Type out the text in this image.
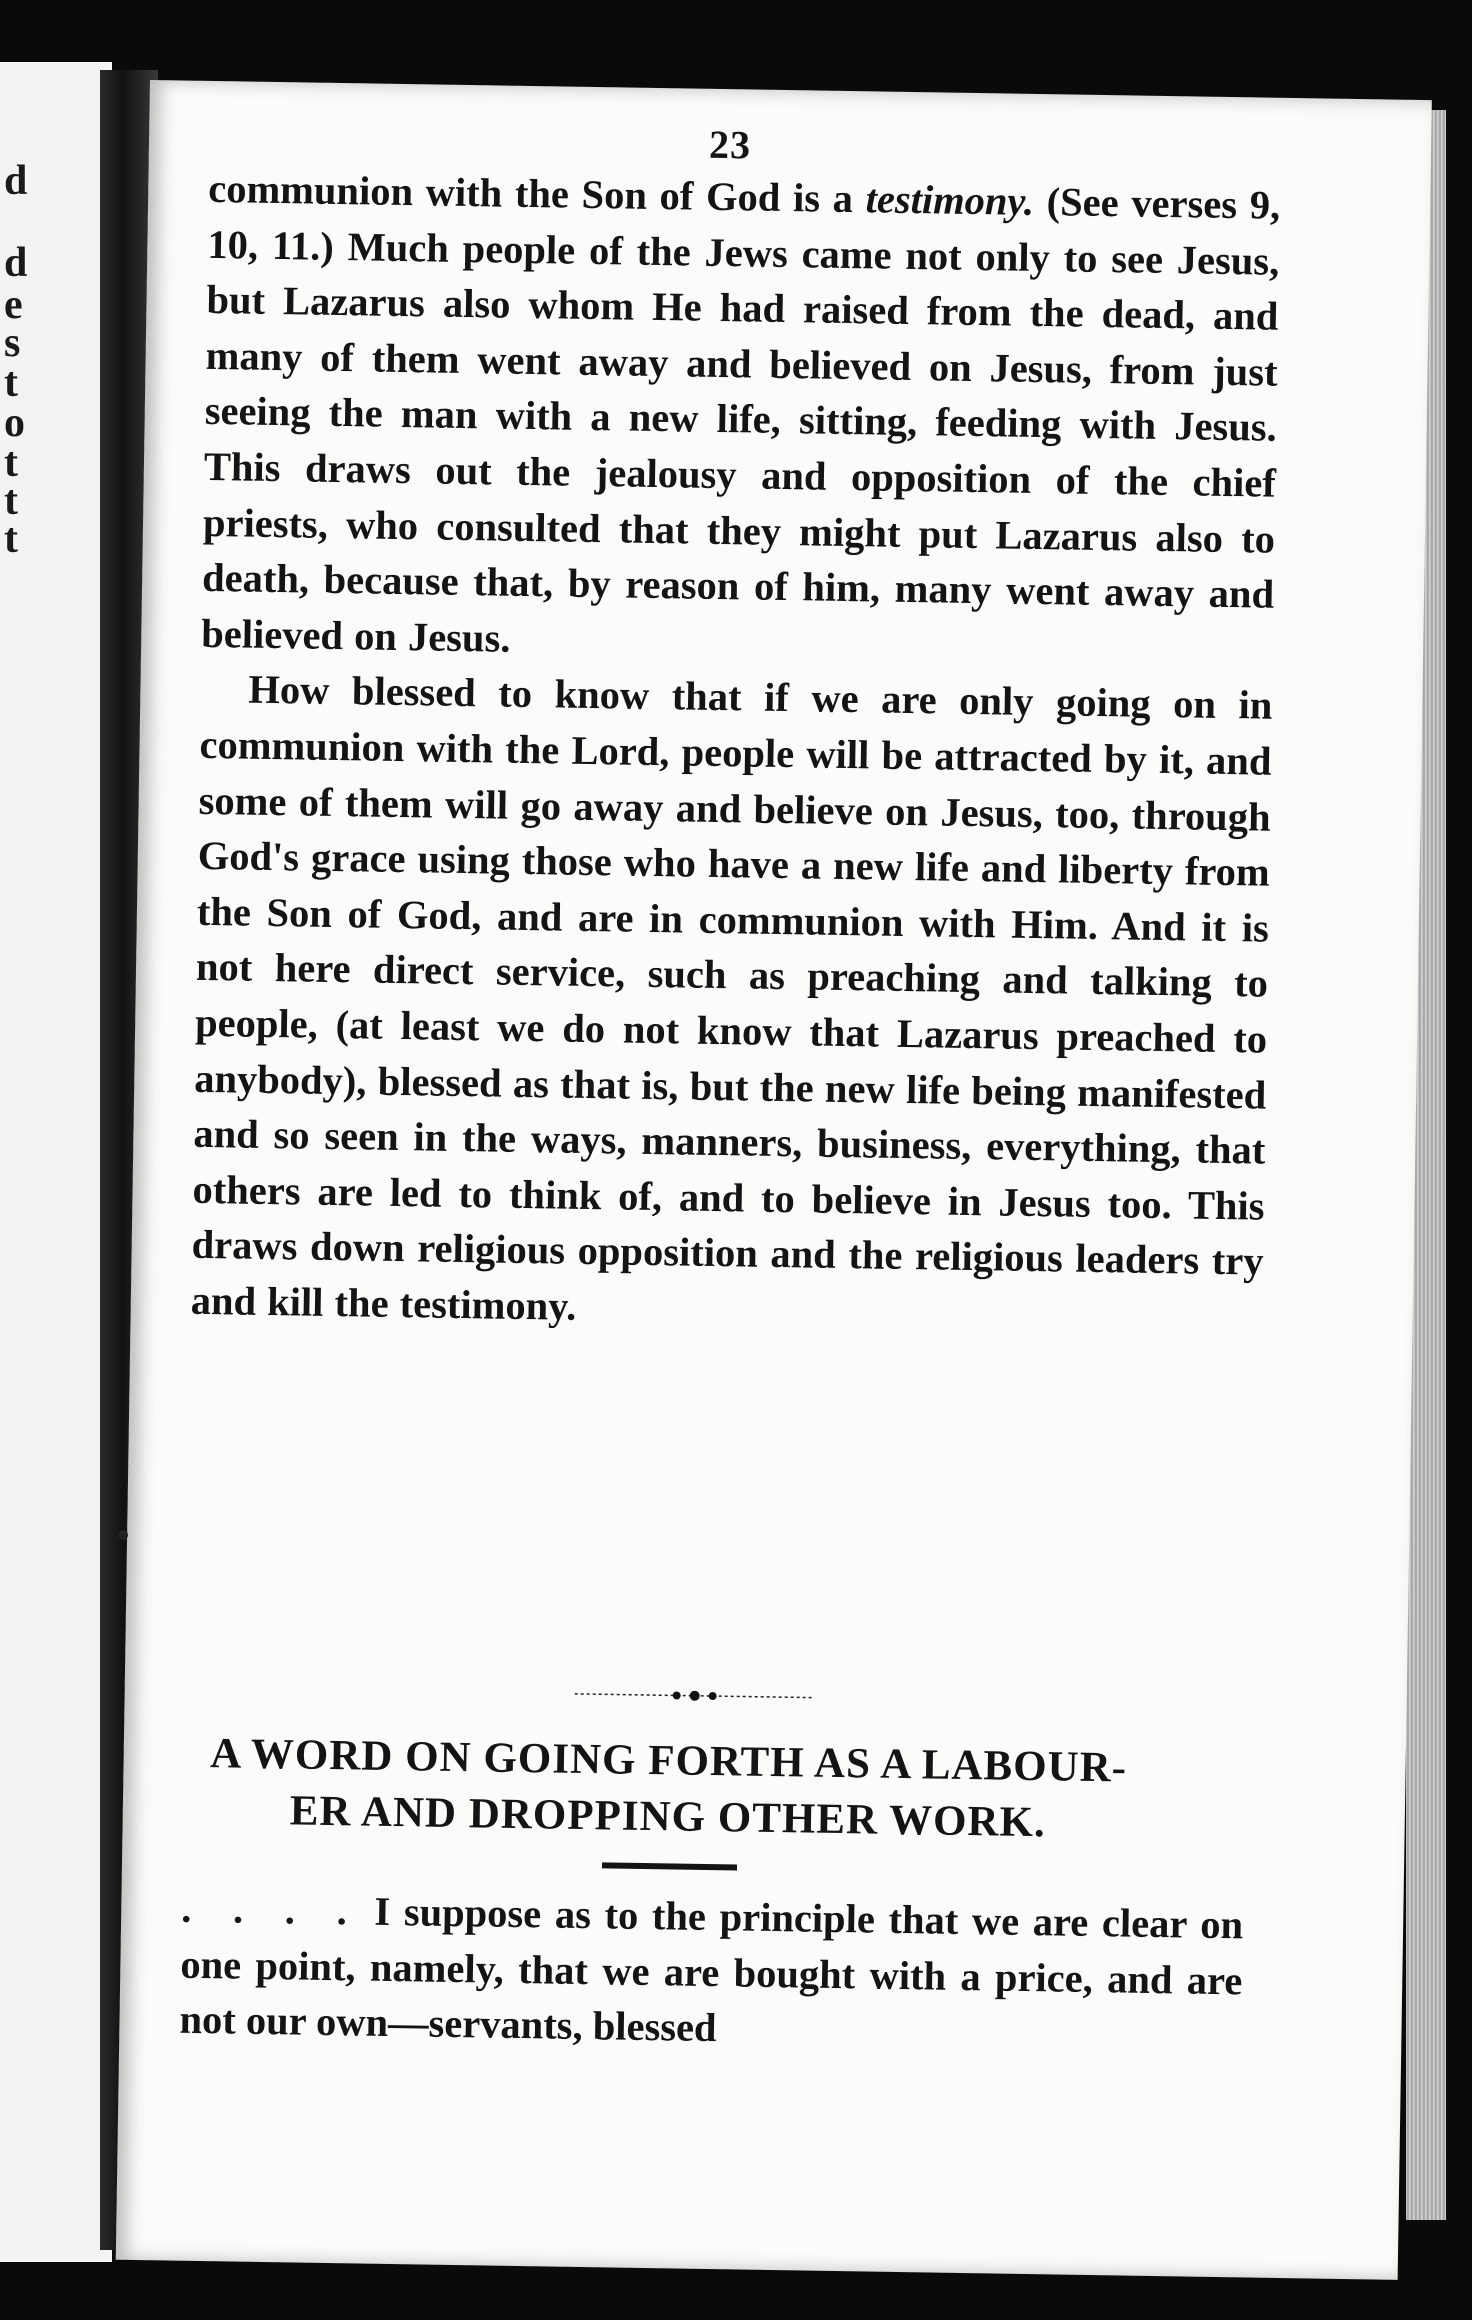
d
d
e
s
t
o
t
t
t
23

communion with the Son of God is a testimony. (See verses 9, 10, 11.) Much people of the Jews came not only to see Jesus, but Lazarus also whom He had raised from the dead, and many of them went away and believed on Jesus, from just seeing the man with a new life, sitting, feeding with Jesus. This draws out the jealousy and opposition of the chief priests, who consulted that they might put Lazarus also to death, because that, by reason of him, many went away and believed on Jesus.

How blessed to know that if we are only going on in communion with the Lord, people will be attracted by it, and some of them will go away and believe on Jesus, too, through God's grace using those who have a new life and liberty from the Son of God, and are in communion with Him. And it is not here direct service, such as preaching and talking to people, (at least we do not know that Lazarus preached to anybody), blessed as that is, but the new life being manifested and so seen in the ways, manners, business, everything, that others are led to think of, and to believe in Jesus too. This draws down religious opposition and the religious leaders try and kill the testimony.

A WORD ON GOING FORTH AS A LABOUR-
ER AND DROPPING OTHER WORK.

. . . . I suppose as to the principle that we are clear on one point, namely, that we are bought with a price, and are not our own—servants, blessed
